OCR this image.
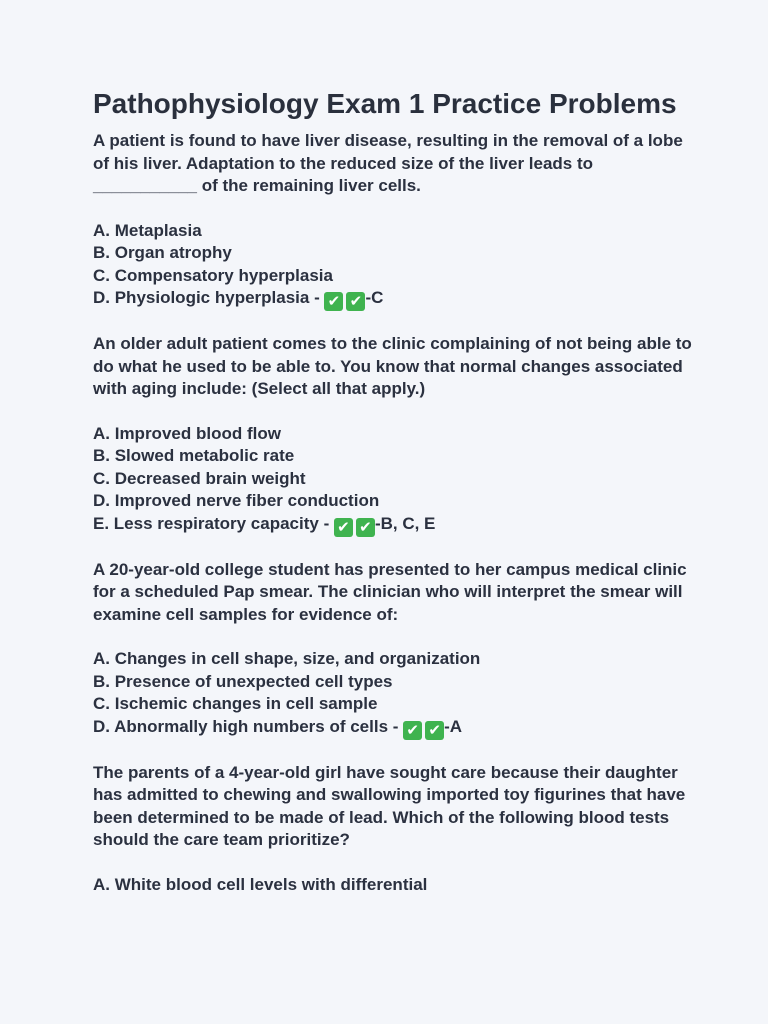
Pathophysiology Exam 1 Practice Problems

A patient is found to have liver disease, resulting in the removal of a lobe of his liver. Adaptation to the reduced size of the liver leads to ___________ of the remaining liver cells.

A. Metaplasia
B. Organ atrophy
C. Compensatory hyperplasia
D. Physiologic hyperplasia - ✔ ✔ -C

An older adult patient comes to the clinic complaining of not being able to do what he used to be able to. You know that normal changes associated with aging include: (Select all that apply.)

A. Improved blood flow
B. Slowed metabolic rate
C. Decreased brain weight
D. Improved nerve fiber conduction
E. Less respiratory capacity - ✔ ✔ -B, C, E

A 20-year-old college student has presented to her campus medical clinic for a scheduled Pap smear. The clinician who will interpret the smear will examine cell samples for evidence of:

A. Changes in cell shape, size, and organization
B. Presence of unexpected cell types
C. Ischemic changes in cell sample
D. Abnormally high numbers of cells - ✔ ✔ -A

The parents of a 4-year-old girl have sought care because their daughter has admitted to chewing and swallowing imported toy figurines that have been determined to be made of lead. Which of the following blood tests should the care team prioritize?

A. White blood cell levels with differential
